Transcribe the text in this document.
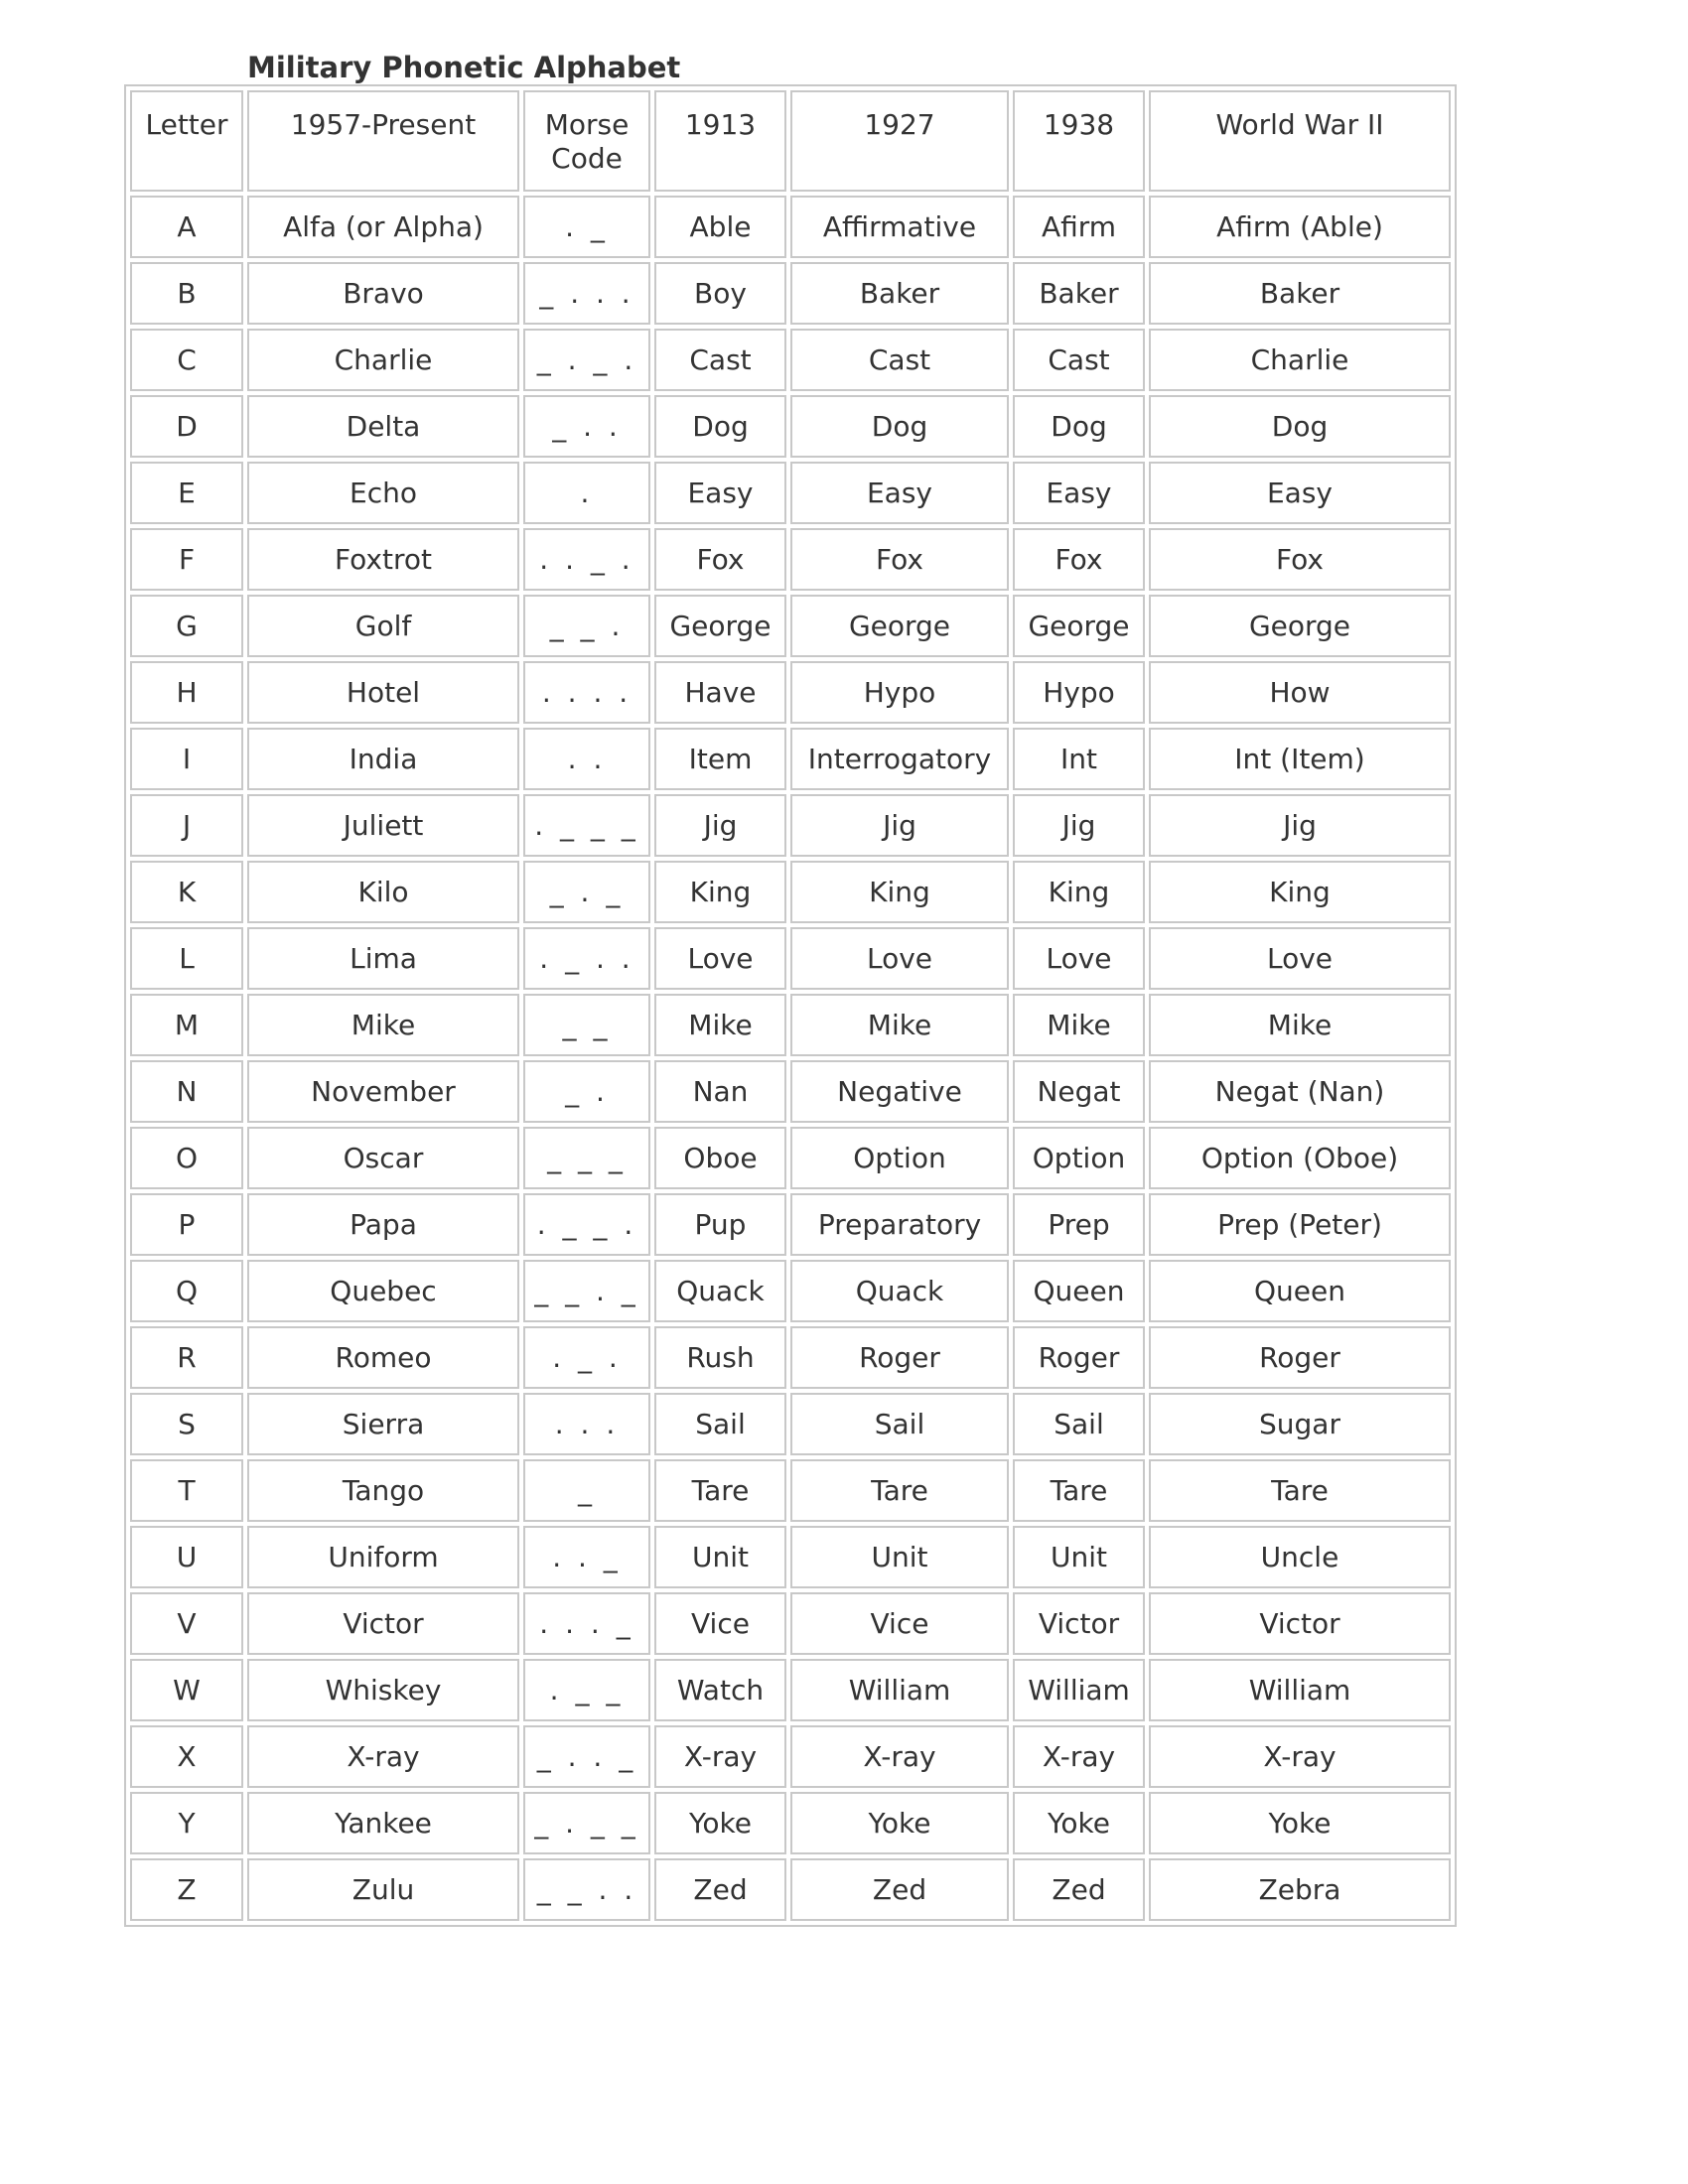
Military Phonetic Alphabet
Letter	1957-Present	Morse Code	1913	1927	1938	World War II
A	Alfa (or Alpha)	. _	Able	Affirmative	Afirm	Afirm (Able)
B	Bravo	_ . . .	Boy	Baker	Baker	Baker
C	Charlie	_ . _ .	Cast	Cast	Cast	Charlie
D	Delta	_ . .	Dog	Dog	Dog	Dog
E	Echo	.	Easy	Easy	Easy	Easy
F	Foxtrot	. . _ .	Fox	Fox	Fox	Fox
G	Golf	_ _ .	George	George	George	George
H	Hotel	. . . .	Have	Hypo	Hypo	How
I	India	. .	Item	Interrogatory	Int	Int (Item)
J	Juliett	. _ _ _	Jig	Jig	Jig	Jig
K	Kilo	_ . _	King	King	King	King
L	Lima	. _ . .	Love	Love	Love	Love
M	Mike	_ _	Mike	Mike	Mike	Mike
N	November	_ .	Nan	Negative	Negat	Negat (Nan)
O	Oscar	_ _ _	Oboe	Option	Option	Option (Oboe)
P	Papa	. _ _ .	Pup	Preparatory	Prep	Prep (Peter)
Q	Quebec	_ _ . _	Quack	Quack	Queen	Queen
R	Romeo	. _ .	Rush	Roger	Roger	Roger
S	Sierra	. . .	Sail	Sail	Sail	Sugar
T	Tango	_	Tare	Tare	Tare	Tare
U	Uniform	. . _	Unit	Unit	Unit	Uncle
V	Victor	. . . _	Vice	Vice	Victor	Victor
W	Whiskey	. _ _	Watch	William	William	William
X	X-ray	_ . . _	X-ray	X-ray	X-ray	X-ray
Y	Yankee	_ . _ _	Yoke	Yoke	Yoke	Yoke
Z	Zulu	_ _ . .	Zed	Zed	Zed	Zebra
